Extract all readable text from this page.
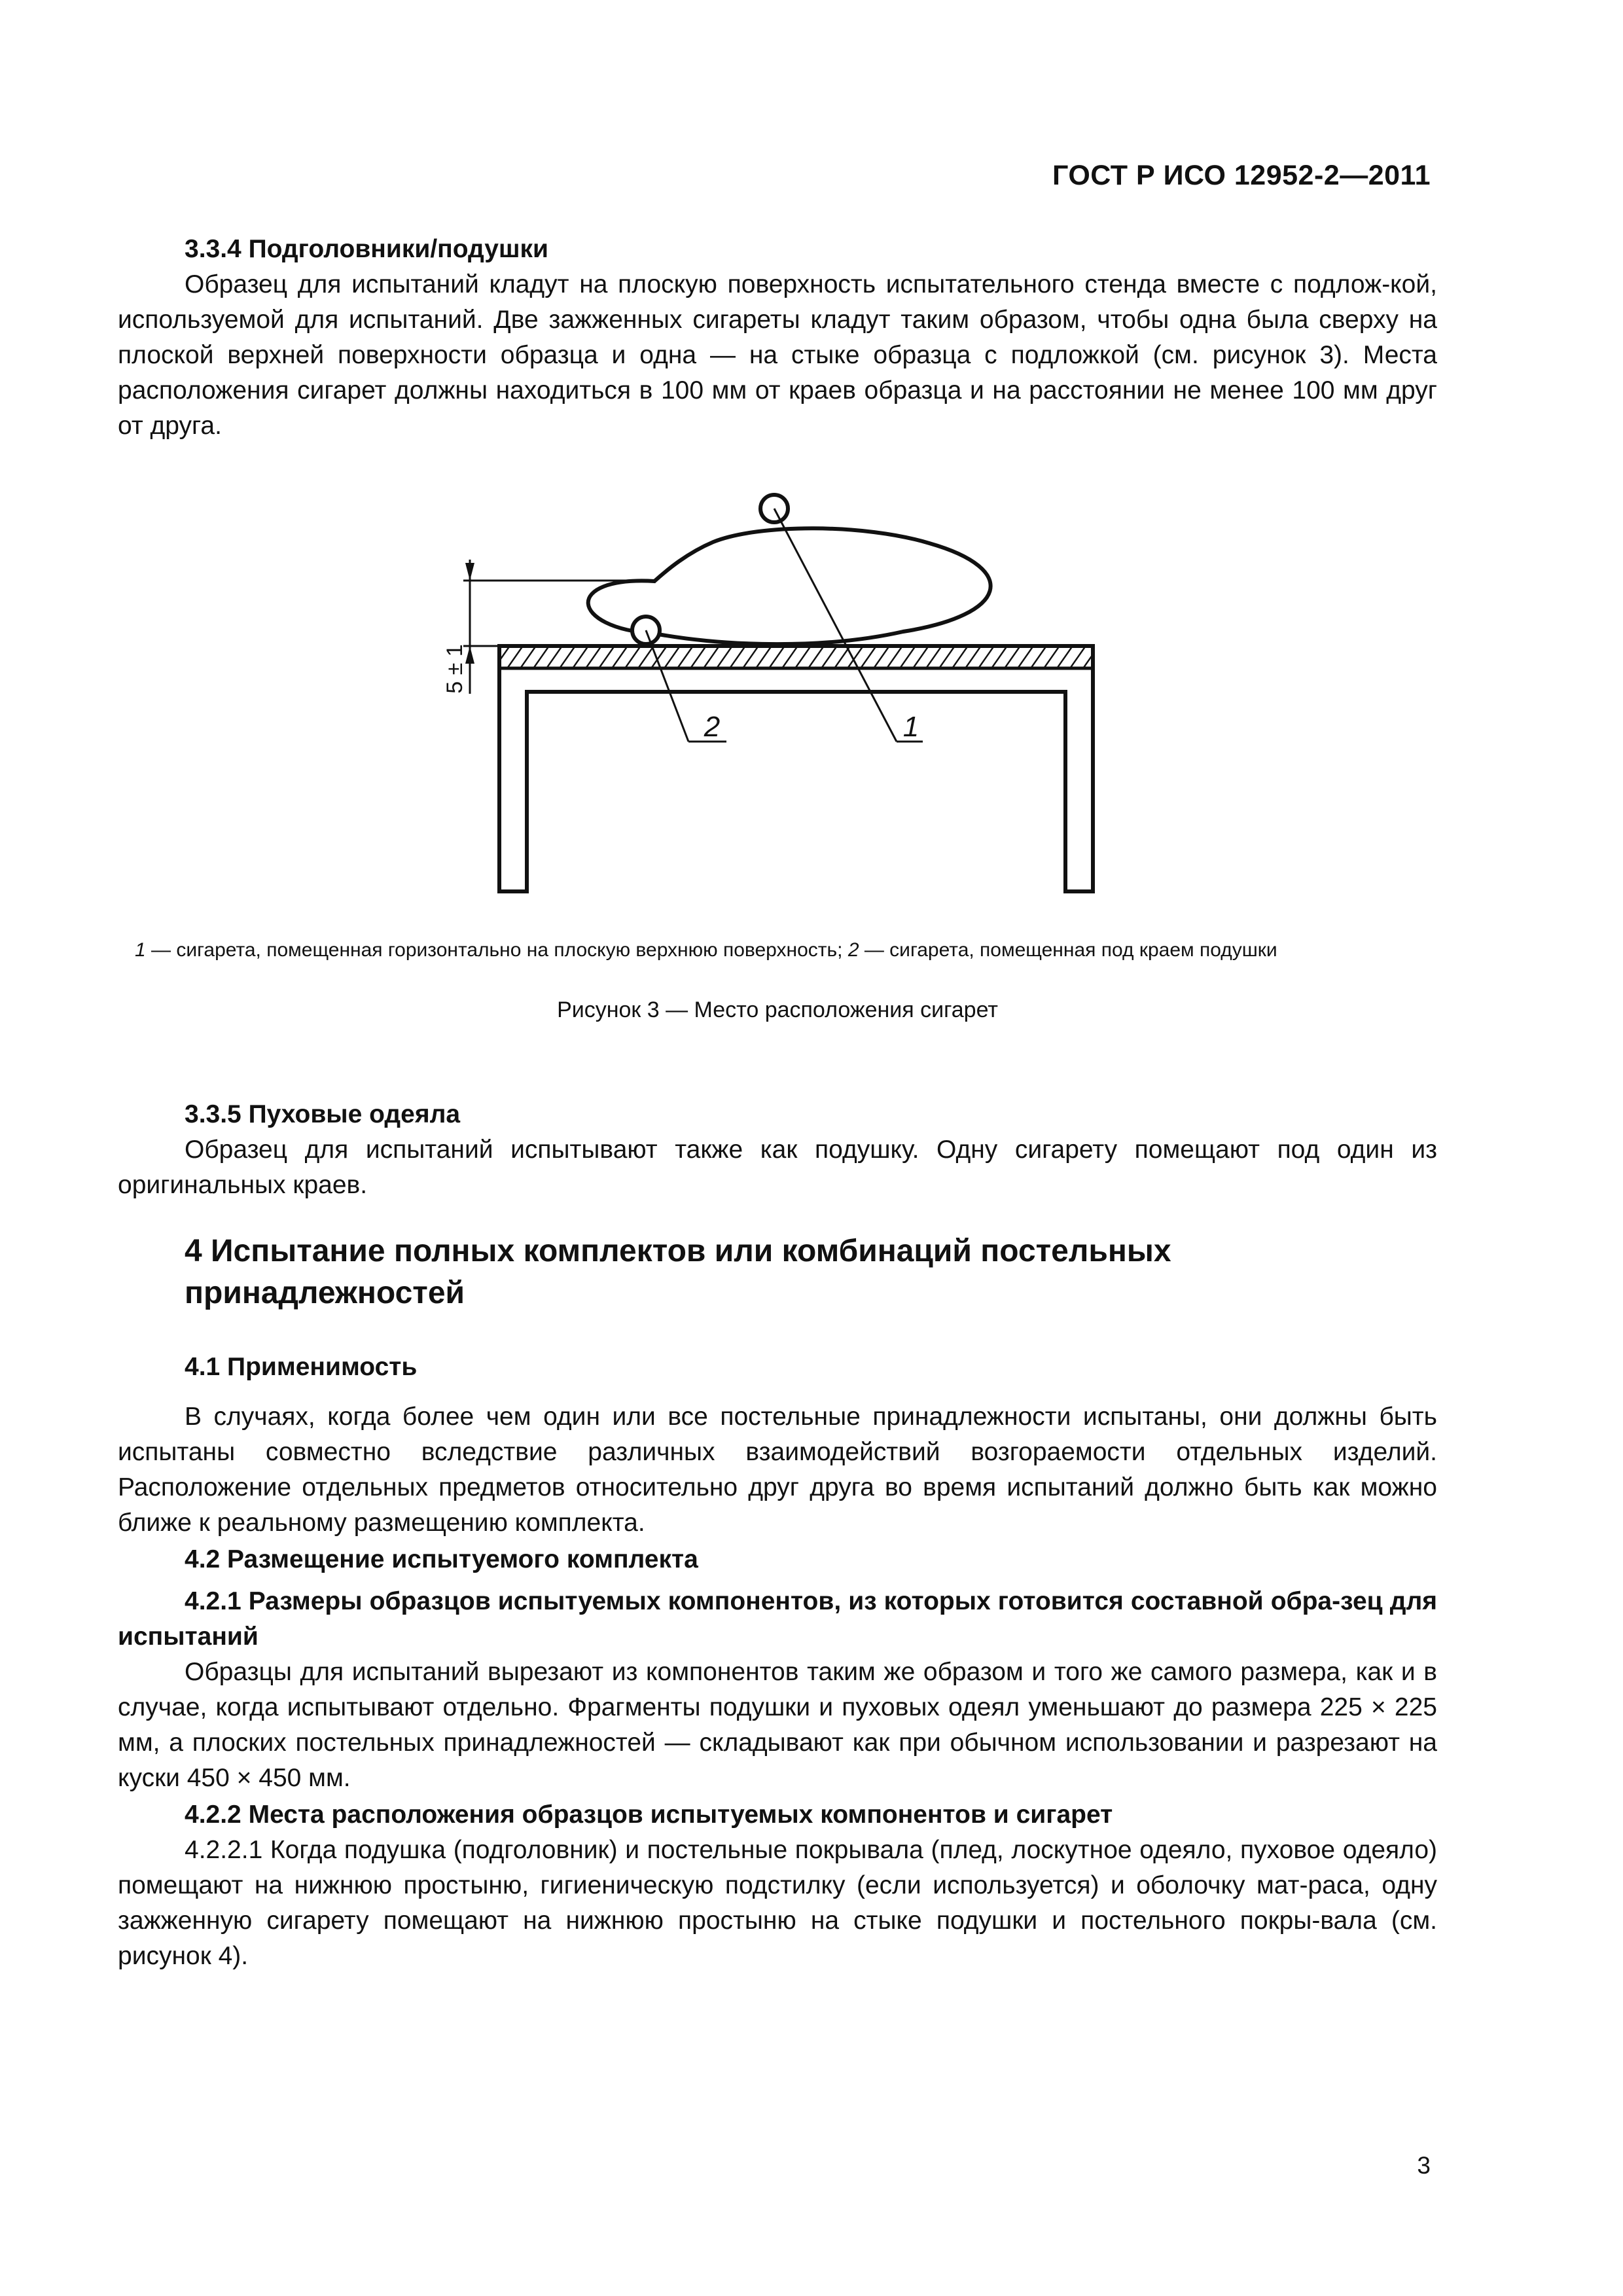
ГОСТ Р ИСО 12952-2—2011
3.3.4 Подголовники/подушки
Образец для испытаний кладут на плоскую поверхность испытательного стенда вместе с подлож-кой, используемой для испытаний. Две зажженных сигареты кладут таким образом, чтобы одна была сверху на плоской верхней поверхности образца и одна — на стыке образца с подложкой (см. рисунок 3). Места расположения сигарет должны находиться в 100 мм от краев образца и на расстоянии не менее 100 мм друг от друга.
5 ± 1
1
2
1 — сигарета, помещенная горизонтально на плоскую верхнюю поверхность; 2 — сигарета, помещенная под краем подушки
Рисунок 3 — Место расположения сигарет
3.3.5 Пуховые одеяла
Образец для испытаний испытывают также как подушку. Одну сигарету помещают под один из оригинальных краев.
4 Испытание полных комплектов или комбинаций постельных принадлежностей
4.1 Применимость
В случаях, когда более чем один или все постельные принадлежности испытаны, они должны быть испытаны совместно вследствие различных взаимодействий возгораемости отдельных изделий. Расположение отдельных предметов относительно друг друга во время испытаний должно быть как можно ближе к реальному размещению комплекта.
4.2 Размещение испытуемого комплекта
4.2.1 Размеры образцов испытуемых компонентов, из которых готовится составной обра-зец для испытаний
Образцы для испытаний вырезают из компонентов таким же образом и того же самого размера, как и в случае, когда испытывают отдельно. Фрагменты подушки и пуховых одеял уменьшают до размера 225 × 225 мм, а плоских постельных принадлежностей — складывают как при обычном использовании и разрезают на куски 450 × 450 мм.
4.2.2 Места расположения образцов испытуемых компонентов и сигарет
4.2.2.1 Когда подушка (подголовник) и постельные покрывала (плед, лоскутное одеяло, пуховое одеяло) помещают на нижнюю простыню, гигиеническую подстилку (если используется) и оболочку мат-раса, одну зажженную сигарету помещают на нижнюю простыню на стыке подушки и постельного покры-вала (см. рисунок 4).
3
